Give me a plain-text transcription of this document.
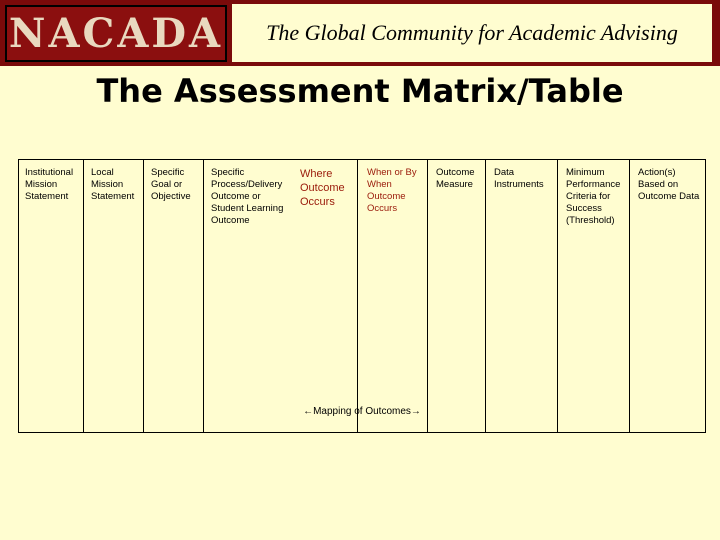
NACADA	The Global Community for Academic Advising
The Assessment Matrix/Table
Institutional Mission Statement
Local Mission Statement
Specific Goal or Objective
Specific Process/Delivery Outcome or Student Learning Outcome
Where Outcome Occurs
When or By When Outcome Occurs
Outcome Measure
Data Instruments
Minimum Performance Criteria for Success (Threshold)
Action(s) Based on Outcome Data
←Mapping of Outcomes→
